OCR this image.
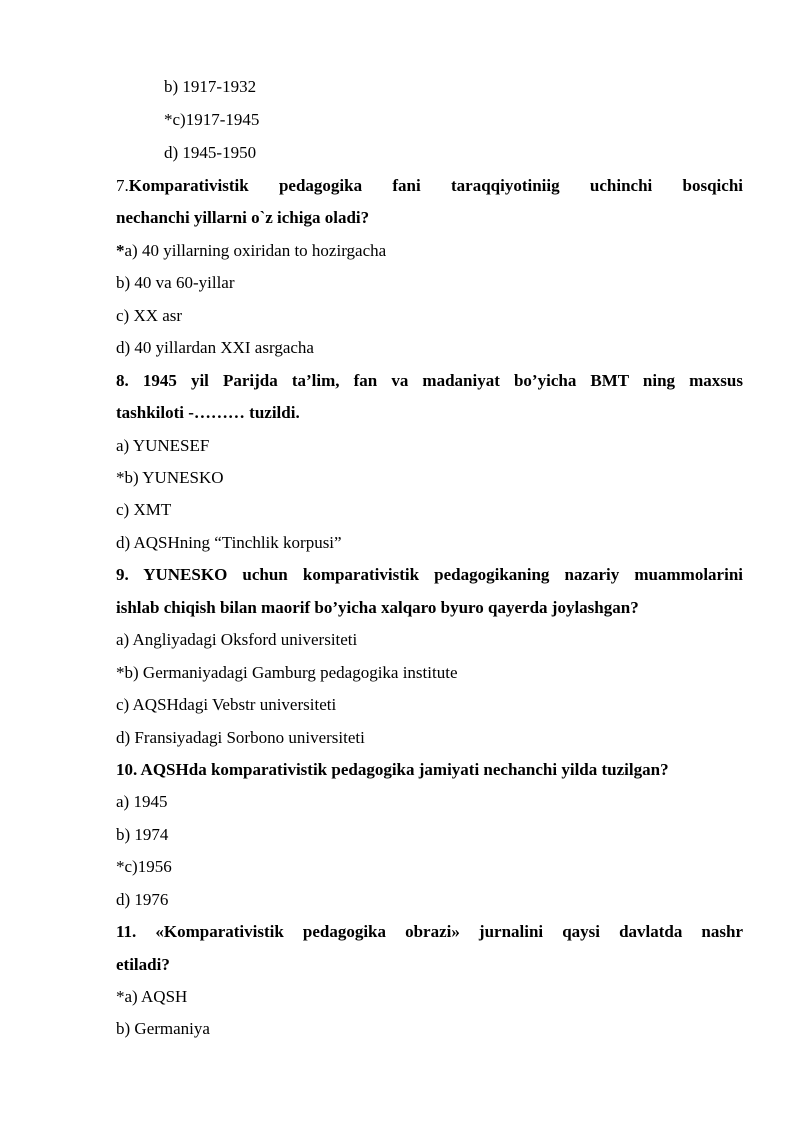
b) 1917-1932
*c)1917-1945
d) 1945-1950
7.Komparativistik pedagogika fani taraqqiyotiniig uchinchi bosqichi
nechanchi yillarni o`z ichiga oladi?
*a) 40 yillarning oxiridan to hozirgacha
b) 40 va 60-yillar
c) XX asr
d) 40 yillardan XXI asrgacha
8. 1945 yil Parijda ta’lim, fan va madaniyat bo’yicha BMT ning maxsus
tashkiloti -……… tuzildi.
a) YUNESEF
*b) YUNESKO
c) XMT
d) AQSHning “Tinchlik korpusi”
9. YUNESKO uchun komparativistik pedagogikaning nazariy muammolarini
ishlab chiqish bilan maorif bo’yicha xalqaro byuro qayerda joylashgan?
a) Angliyadagi Oksford universiteti
*b) Germaniyadagi Gamburg pedagogika institute
c) AQSHdagi Vebstr universiteti
d) Fransiyadagi Sorbono universiteti
10. AQSHda komparativistik pedagogika jamiyati nechanchi yilda tuzilgan?
a) 1945
b) 1974
*c)1956
d) 1976
11. «Komparativistik pedagogika obrazi» jurnalini qaysi davlatda nashr
etiladi?
*a) AQSH
b) Germaniya
